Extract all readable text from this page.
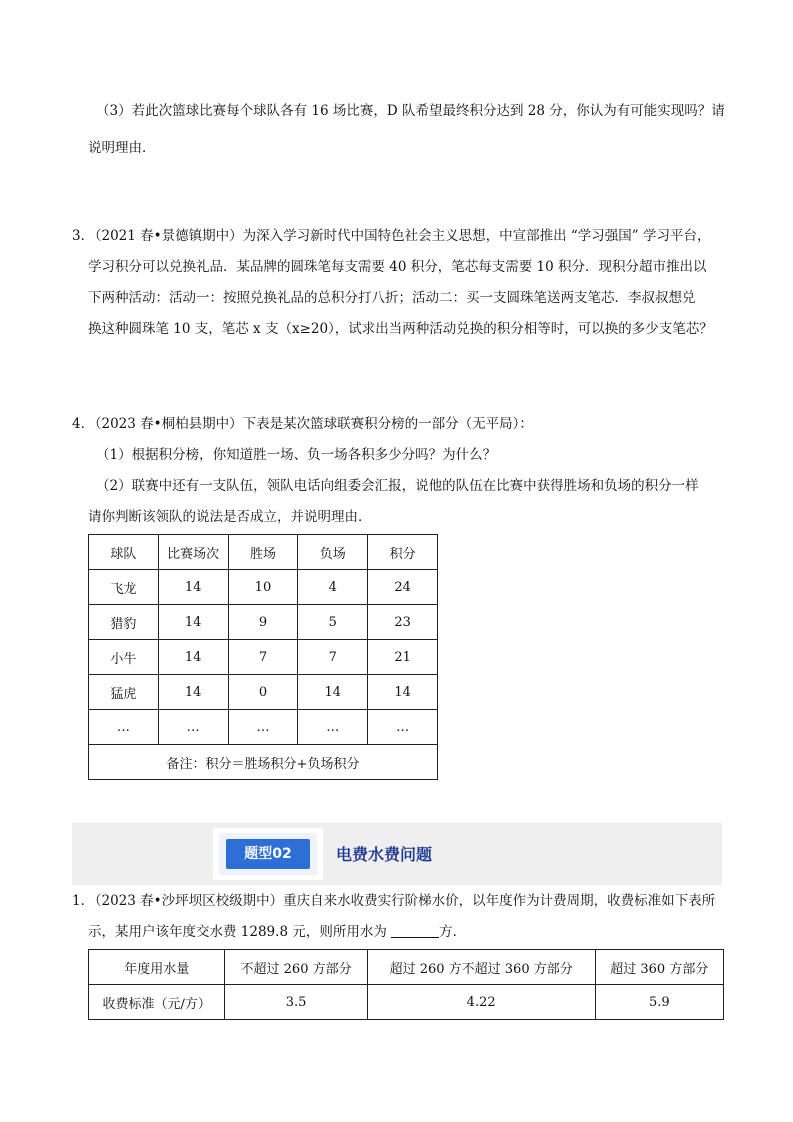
（3）若此次篮球比赛每个球队各有 16 场比赛，D 队希望最终积分达到 28 分，你认为有可能实现吗？请

说明理由．

3．
（2021 春•景德镇期中）为深入学习新时代中国特色社会主义思想，中宣部推出 “学习强国” 学习平台，
学习积分可以兑换礼品．某品牌的圆珠笔每支需要 40 积分，笔芯每支需要 10 积分．现积分超市推出以
下两种活动：活动一：按照兑换礼品的总积分打八折；活动二：买一支圆珠笔送两支笔芯．李叔叔想兑
换这种圆珠笔 10 支，笔芯 x 支（x≥20），试求出当两种活动兑换的积分相等时，可以换的多少支笔芯？
4．
（2023 春•桐柏县期中）下表是某次篮球联赛积分榜的一部分（无平局）：
（1）根据积分榜，你知道胜一场、负一场各积多少分吗？为什么？
（2）联赛中还有一支队伍，领队电话向组委会汇报，说他的队伍在比赛中获得胜场和负场的积分一样
请你判断该领队的说法是否成立，并说明理由．
球队	比赛场次	胜场	负场	积分
飞龙	14	10	4	24
猎豹	14	9	5	23
小牛	14	7	7	21
猛虎	14	0	14	14
…	…	…	…	…
备注：积分＝胜场积分+负场积分				
题型02	电费水费问题
1．
（2023 春•沙坪坝区校级期中）重庆自来水收费实行阶梯水价，以年度作为计费周期，收费标准如下表所
示，某用户该年度交水费 1289.8 元，则所用水为	方．
年度用水量	不超过 260 方部分	超过 260 方不超过 360 方部分	超过 360 方部分
收费标准（元/方）	3.5	4.22	5.9
